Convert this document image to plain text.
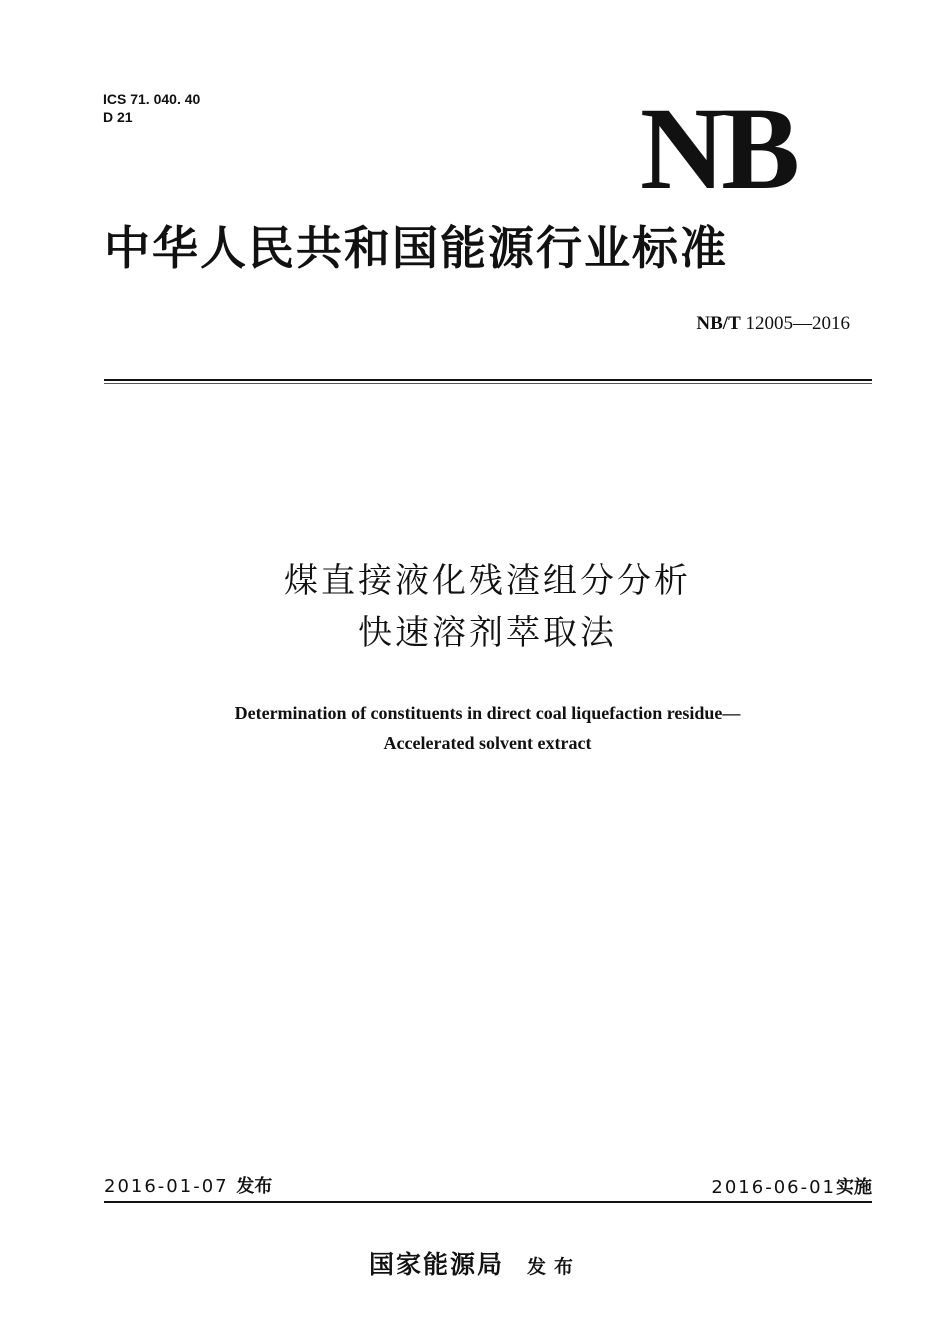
ICS 71. 040. 40
D 21	NB
中华人民共和国能源行业标准
NB/T 12005—2016
煤直接液化残渣组分分析
快速溶剂萃取法
Determination of constituents in direct coal liquefaction residue—
Accelerated solvent extract
2016-01-07 发布	2016-06-01实施
国家能源局 发布
